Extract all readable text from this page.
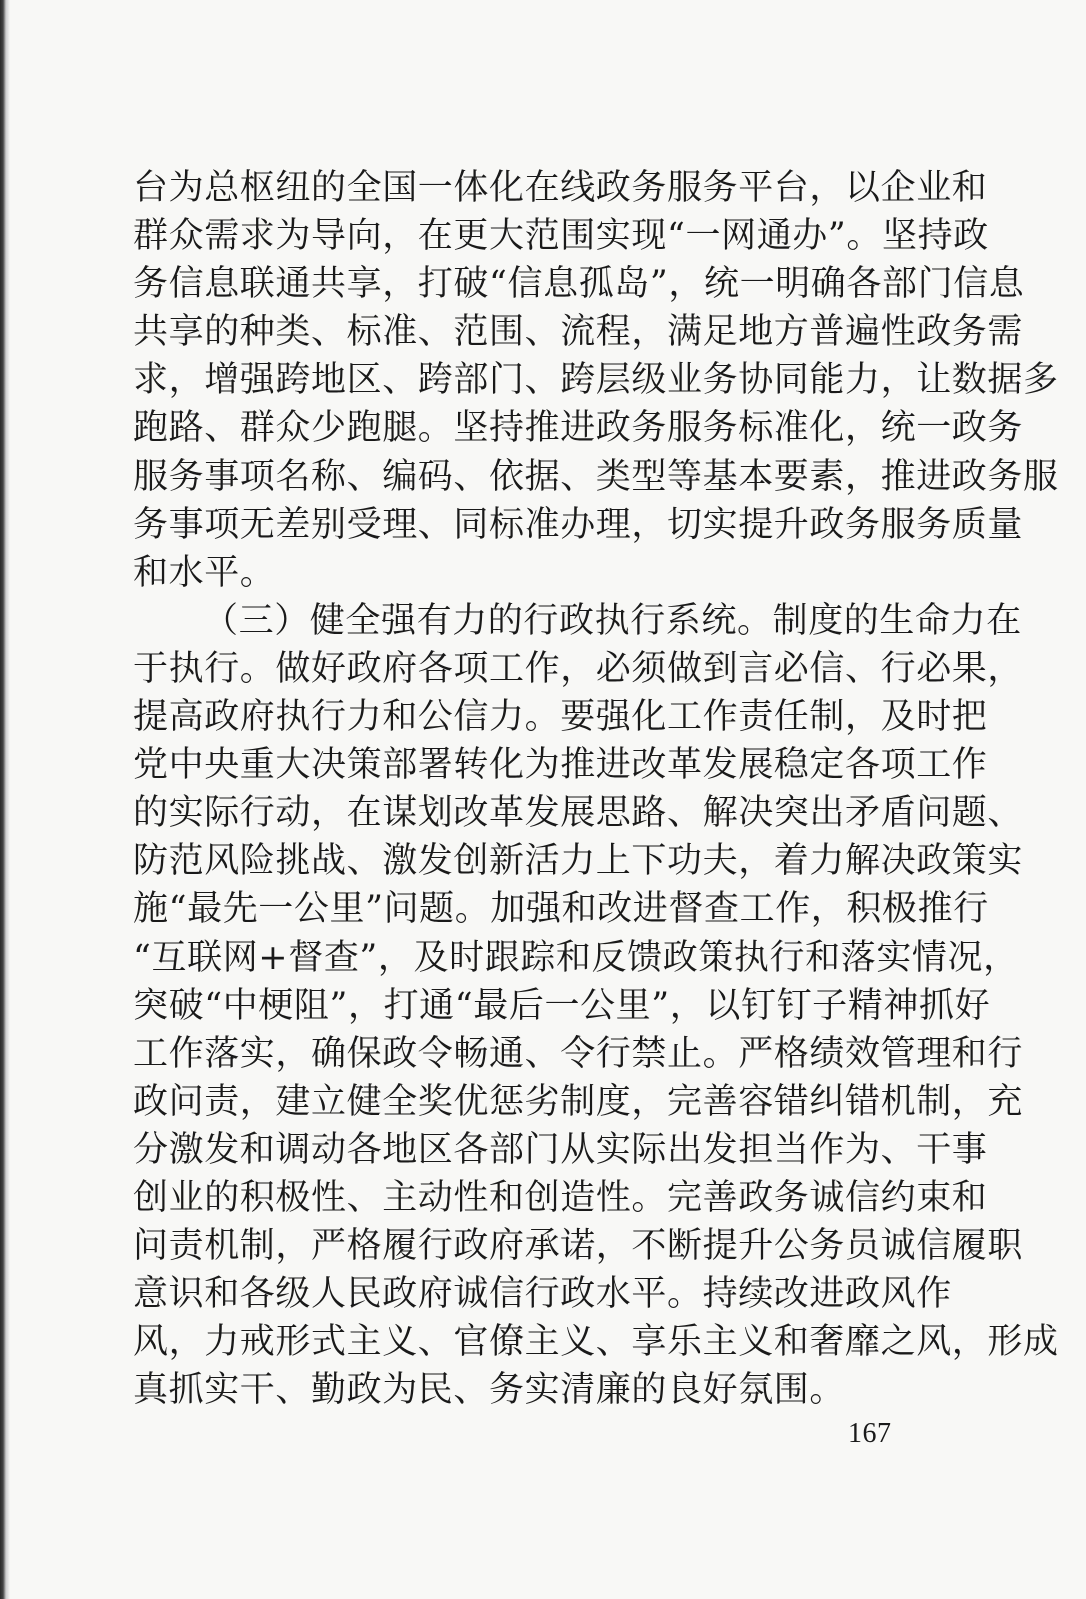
台为总枢纽的全国一体化在线政务服务平台，以企业和
群众需求为导向，在更大范围实现“一网通办”。坚持政
务信息联通共享，打破“信息孤岛”，统一明确各部门信息
共享的种类、标准、范围、流程，满足地方普遍性政务需
求，增强跨地区、跨部门、跨层级业务协同能力，让数据多
跑路、群众少跑腿。坚持推进政务服务标准化，统一政务
服务事项名称、编码、依据、类型等基本要素，推进政务服
务事项无差别受理、同标准办理，切实提升政务服务质量
和水平。
（三）健全强有力的行政执行系统。制度的生命力在
于执行。做好政府各项工作，必须做到言必信、行必果，
提高政府执行力和公信力。要强化工作责任制，及时把
党中央重大决策部署转化为推进改革发展稳定各项工作
的实际行动，在谋划改革发展思路、解决突出矛盾问题、
防范风险挑战、激发创新活力上下功夫，着力解决政策实
施“最先一公里”问题。加强和改进督查工作，积极推行
“互联网+督查”，及时跟踪和反馈政策执行和落实情况，
突破“中梗阻”，打通“最后一公里”，以钉钉子精神抓好
工作落实，确保政令畅通、令行禁止。严格绩效管理和行
政问责，建立健全奖优惩劣制度，完善容错纠错机制，充
分激发和调动各地区各部门从实际出发担当作为、干事
创业的积极性、主动性和创造性。完善政务诚信约束和
问责机制，严格履行政府承诺，不断提升公务员诚信履职
意识和各级人民政府诚信行政水平。持续改进政风作
风，力戒形式主义、官僚主义、享乐主义和奢靡之风，形成
真抓实干、勤政为民、务实清廉的良好氛围。
167
